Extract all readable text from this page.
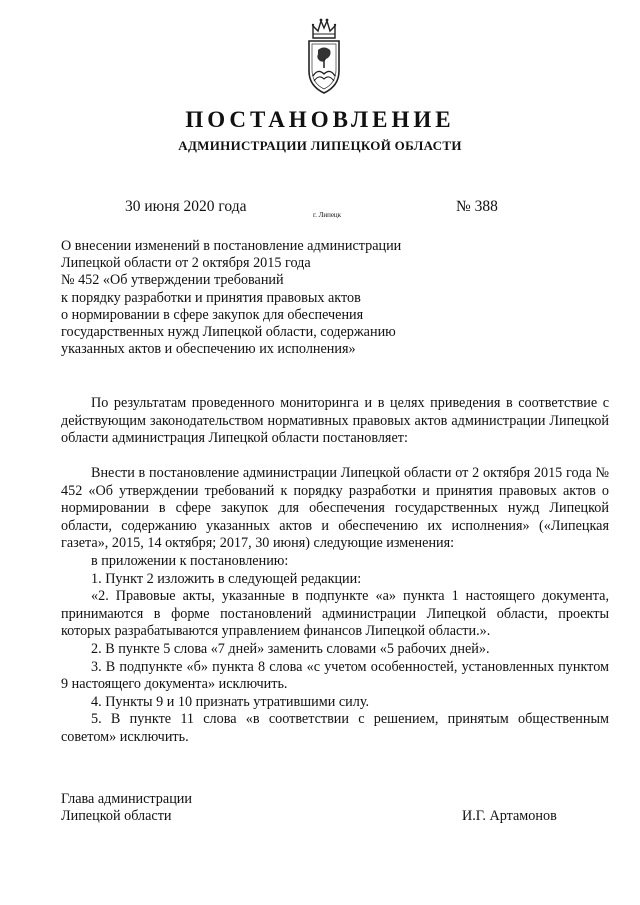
ПОСТАНОВЛЕНИЕ
АДМИНИСТРАЦИИ ЛИПЕЦКОЙ ОБЛАСТИ
30 июня 2020 года	г. Липецк	№ 388
О внесении изменений в постановление администрации
Липецкой области от 2 октября 2015 года
№ 452 «Об утверждении требований
к порядку разработки и принятия правовых актов
о нормировании в сфере закупок для обеспечения
государственных нужд Липецкой области, содержанию
указанных актов и обеспечению их исполнения»
По результатам проведенного мониторинга и в целях приведения в соответствие с действующим законодательством нормативных правовых актов администрации Липецкой области администрация Липецкой области постановляет:

Внести в постановление администрации Липецкой области от 2 октября 2015 года № 452 «Об утверждении требований к порядку разработки и принятия правовых актов о нормировании в сфере закупок для обеспечения государственных нужд Липецкой области, содержанию указанных актов и обеспечению их исполнения» («Липецкая газета», 2015, 14 октября; 2017, 30 июня) следующие изменения:

в приложении к постановлению:

1. Пункт 2 изложить в следующей редакции:

«2. Правовые акты, указанные в подпункте «а» пункта 1 настоящего документа, принимаются в форме постановлений администрации Липецкой области, проекты которых разрабатываются управлением финансов Липецкой области.».

2. В пункте 5 слова «7 дней» заменить словами «5 рабочих дней».

3. В подпункте «б» пункта 8 слова «с учетом особенностей, установленных пунктом 9 настоящего документа» исключить.

4. Пункты 9 и 10 признать утратившими силу.

5. В пункте 11 слова «в соответствии с решением, принятым общественным советом» исключить.

Глава администрации
Липецкой области	И.Г. Артамонов
